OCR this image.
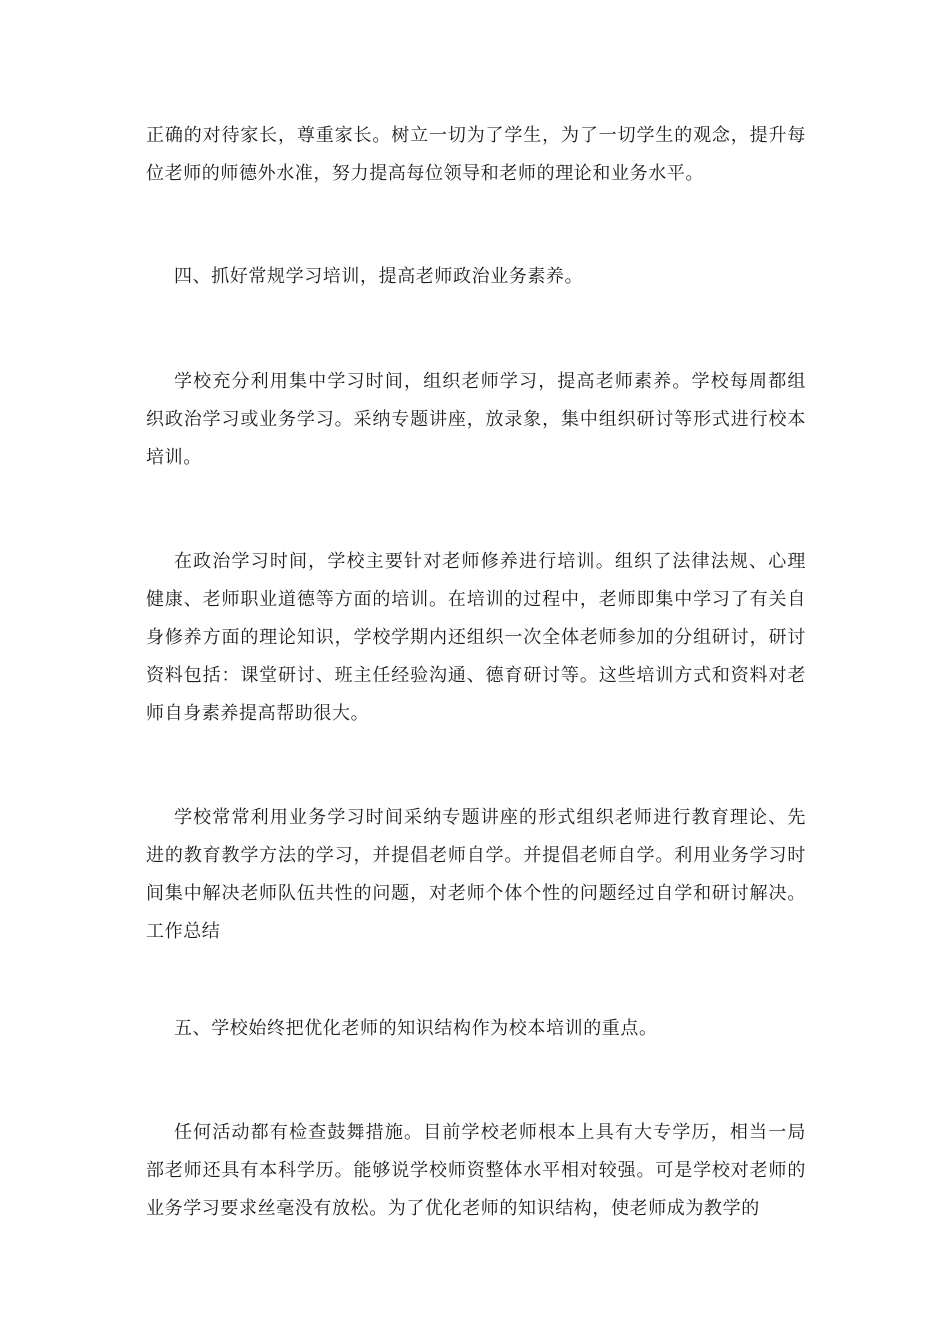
正确的对待家长，尊重家长。树立一切为了学生，为了一切学生的观念，提升每位老师的师德外水准，努力提高每位领导和老师的理论和业务水平。

四、抓好常规学习培训，提高老师政治业务素养。

学校充分利用集中学习时间，组织老师学习，提高老师素养。学校每周都组织政治学习或业务学习。采纳专题讲座，放录象，集中组织研讨等形式进行校本培训。

在政治学习时间，学校主要针对老师修养进行培训。组织了法律法规、心理健康、老师职业道德等方面的培训。在培训的过程中，老师即集中学习了有关自身修养方面的理论知识，学校学期内还组织一次全体老师参加的分组研讨，研讨资料包括：课堂研讨、班主任经验沟通、德育研讨等。这些培训方式和资料对老师自身素养提高帮助很大。

学校常常利用业务学习时间采纳专题讲座的形式组织老师进行教育理论、先进的教育教学方法的学习，并提倡老师自学。并提倡老师自学。利用业务学习时间集中解决老师队伍共性的问题，对老师个体个性的问题经过自学和研讨解决。工作总结

五、学校始终把优化老师的知识结构作为校本培训的重点。

任何活动都有检查鼓舞措施。目前学校老师根本上具有大专学历，相当一局部老师还具有本科学历。能够说学校师资整体水平相对较强。可是学校对老师的业务学习要求丝毫没有放松。为了优化老师的知识结构，使老师成为教学的
